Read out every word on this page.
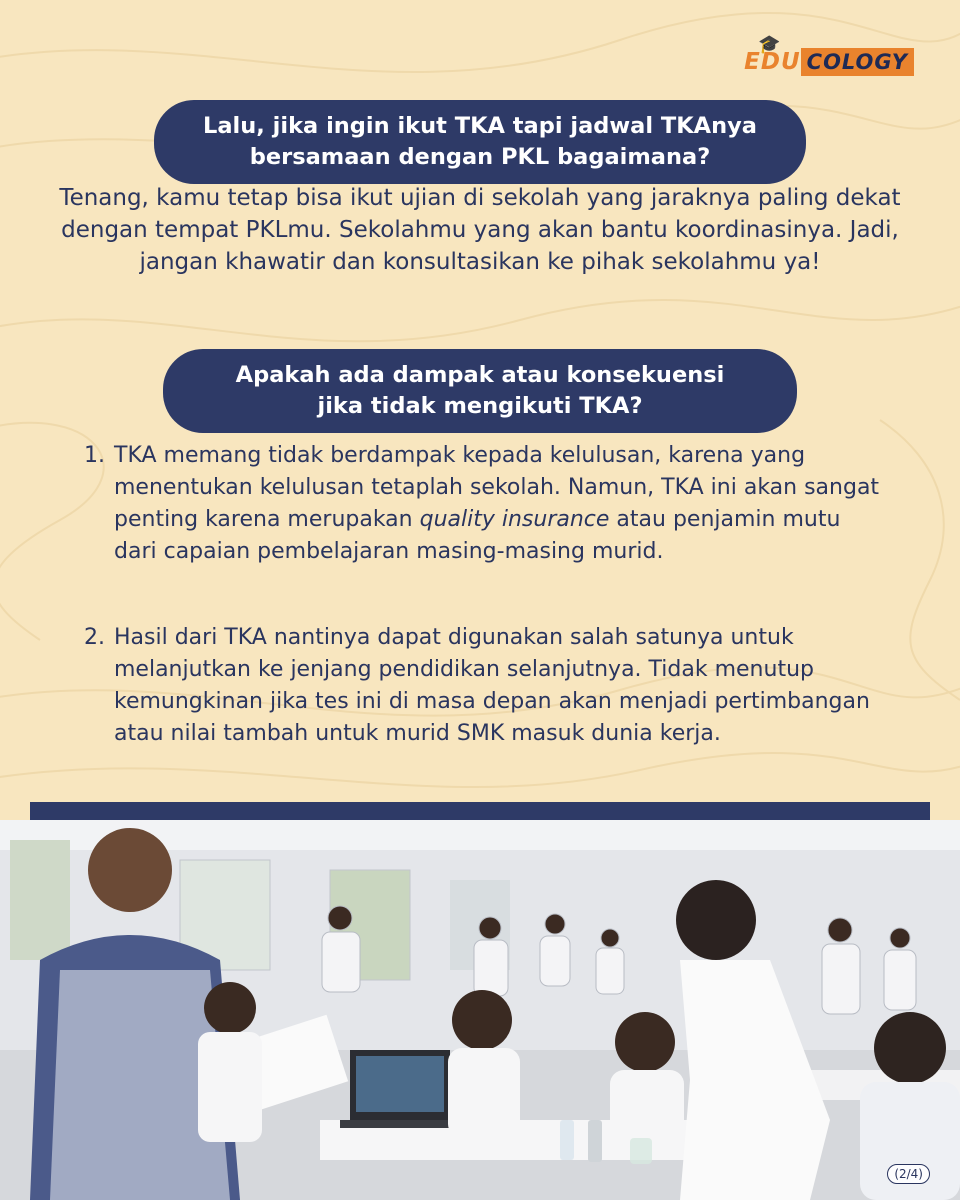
🎓
EDU COLOGY
Lalu, jika ingin ikut TKA tapi jadwal TKAnya
bersamaan dengan PKL bagaimana?
Tenang, kamu tetap bisa ikut ujian di sekolah yang jaraknya paling dekat dengan tempat PKLmu. Sekolahmu yang akan bantu koordinasinya. Jadi, jangan khawatir dan konsultasikan ke pihak sekolahmu ya!
Apakah ada dampak atau konsekuensi
jika tidak mengikuti TKA?
1. TKA memang tidak berdampak kepada kelulusan, karena yang menentukan kelulusan tetaplah sekolah. Namun, TKA ini akan sangat penting karena merupakan quality insurance atau penjamin mutu dari capaian pembelajaran masing-masing murid.
2. Hasil dari TKA nantinya dapat digunakan salah satunya untuk melanjutkan ke jenjang pendidikan selanjutnya. Tidak menutup kemungkinan jika tes ini di masa depan akan menjadi pertimbangan atau nilai tambah untuk murid SMK masuk dunia kerja.
(2/4)
